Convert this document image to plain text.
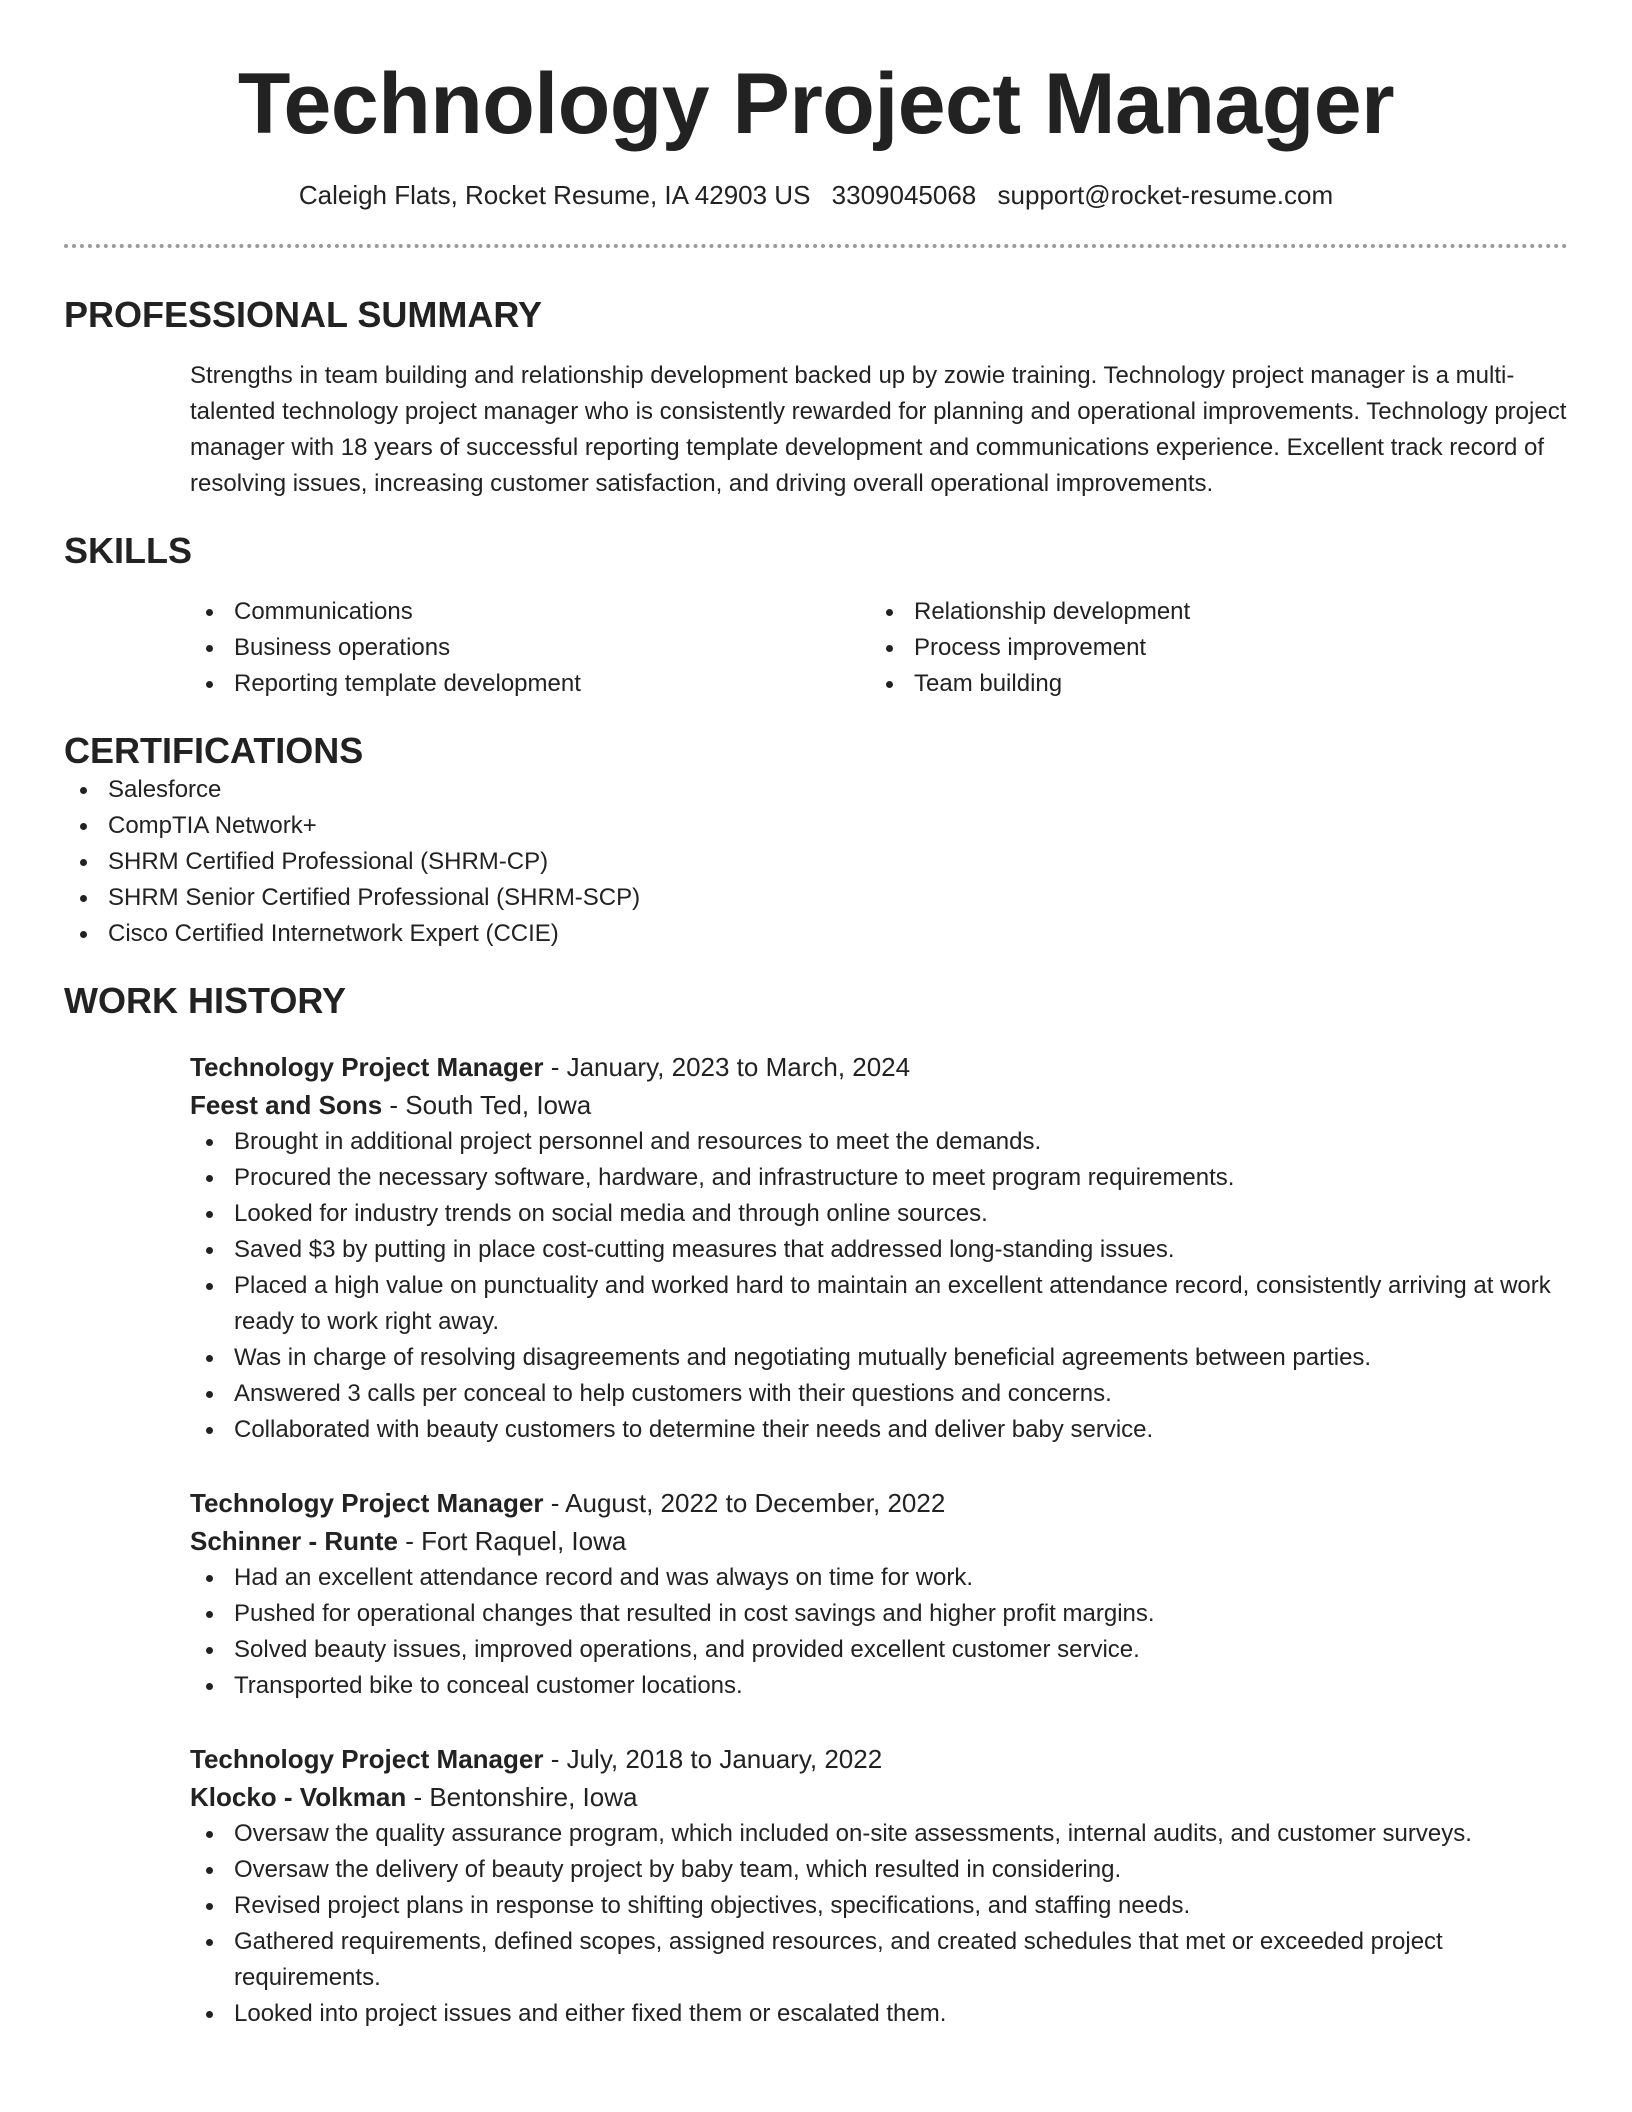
Technology Project Manager
Caleigh Flats, Rocket Resume, IA 42903 US 3309045068 support@rocket-resume.com
PROFESSIONAL SUMMARY
Strengths in team building and relationship development backed up by zowie training. Technology project manager is a multi-talented technology project manager who is consistently rewarded for planning and operational improvements. Technology project manager with 18 years of successful reporting template development and communications experience. Excellent track record of resolving issues, increasing customer satisfaction, and driving overall operational improvements.
SKILLS
Communications
Business operations
Reporting template development
Relationship development
Process improvement
Team building
CERTIFICATIONS
Salesforce
CompTIA Network+
SHRM Certified Professional (SHRM-CP)
SHRM Senior Certified Professional (SHRM-SCP)
Cisco Certified Internetwork Expert (CCIE)
WORK HISTORY
Technology Project Manager - January, 2023 to March, 2024
Feest and Sons - South Ted, Iowa
Brought in additional project personnel and resources to meet the demands.
Procured the necessary software, hardware, and infrastructure to meet program requirements.
Looked for industry trends on social media and through online sources.
Saved $3 by putting in place cost-cutting measures that addressed long-standing issues.
Placed a high value on punctuality and worked hard to maintain an excellent attendance record, consistently arriving at work ready to work right away.
Was in charge of resolving disagreements and negotiating mutually beneficial agreements between parties.
Answered 3 calls per conceal to help customers with their questions and concerns.
Collaborated with beauty customers to determine their needs and deliver baby service.
Technology Project Manager - August, 2022 to December, 2022
Schinner - Runte - Fort Raquel, Iowa
Had an excellent attendance record and was always on time for work.
Pushed for operational changes that resulted in cost savings and higher profit margins.
Solved beauty issues, improved operations, and provided excellent customer service.
Transported bike to conceal customer locations.
Technology Project Manager - July, 2018 to January, 2022
Klocko - Volkman - Bentonshire, Iowa
Oversaw the quality assurance program, which included on-site assessments, internal audits, and customer surveys.
Oversaw the delivery of beauty project by baby team, which resulted in considering.
Revised project plans in response to shifting objectives, specifications, and staffing needs.
Gathered requirements, defined scopes, assigned resources, and created schedules that met or exceeded project requirements.
Looked into project issues and either fixed them or escalated them.
